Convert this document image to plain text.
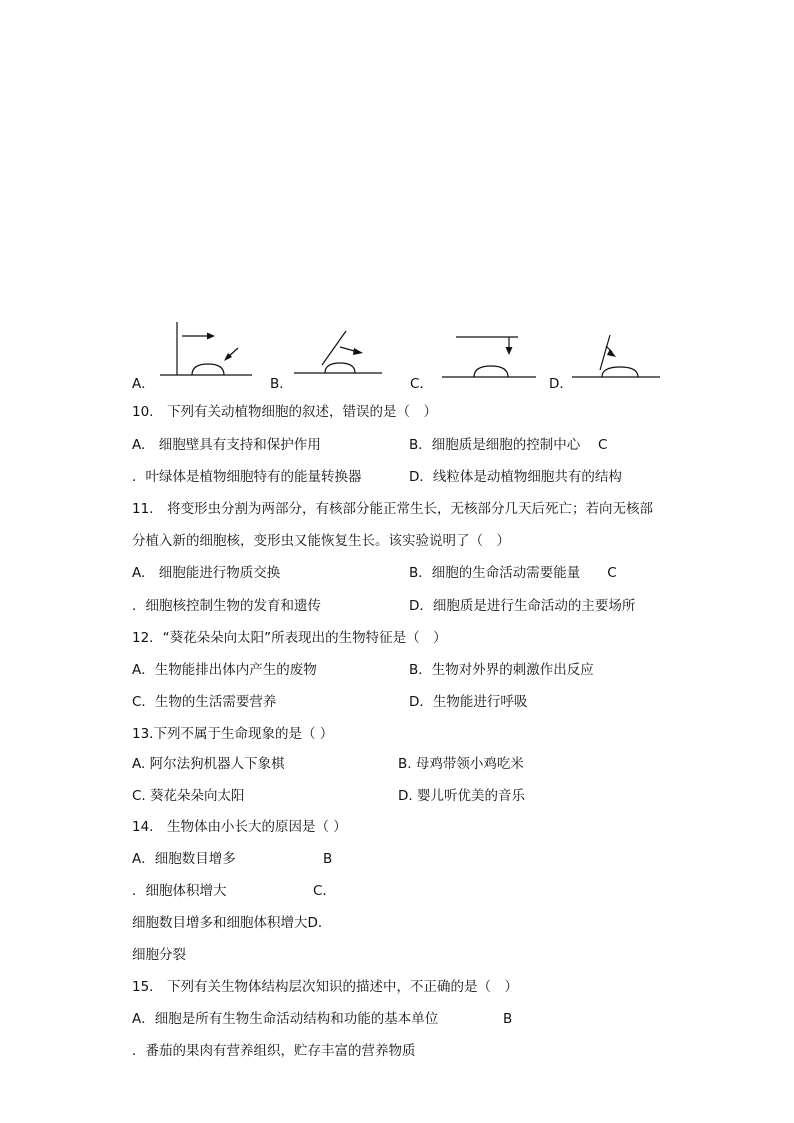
A．	B．	C．	D．
10.　下列有关动植物细胞的叙述，错误的是（　）
A.　细胞壁具有支持和保护作用	B．细胞质是细胞的控制中心　 C
．叶绿体是植物细胞特有的能量转换器	D．线粒体是动植物细胞共有的结构
11.　将变形虫分割为两部分，有核部分能正常生长，无核部分几天后死亡；若向无核部
分植入新的细胞核，变形虫又能恢复生长。该实验说明了（　）
A.　细胞能进行物质交换	B．细胞的生命活动需要能量　　C
．细胞核控制生物的发育和遗传	D．细胞质是进行生命活动的主要场所
12．“葵花朵朵向太阳”所表现出的生物特征是（　）
A．生物能排出体内产生的废物	B．生物对外界的刺激作出反应
C．生物的生活需要营养	D．生物能进行呼吸
13.下列不属于生命现象的是（ ）
A. 阿尔法狗机器人下象棋	B. 母鸡带领小鸡吃米
C. 葵花朵朵向太阳	D. 婴儿听优美的音乐
14.　生物体由小长大的原因是（ ）
A．细胞数目增多	B
．细胞体积增大	C．
细胞数目增多和细胞体积增大D．
细胞分裂
15.　下列有关生物体结构层次知识的描述中，不正确的是（　）
A．细胞是所有生物生命活动结构和功能的基本单位	B
．番茄的果肉有营养组织，贮存丰富的营养物质
